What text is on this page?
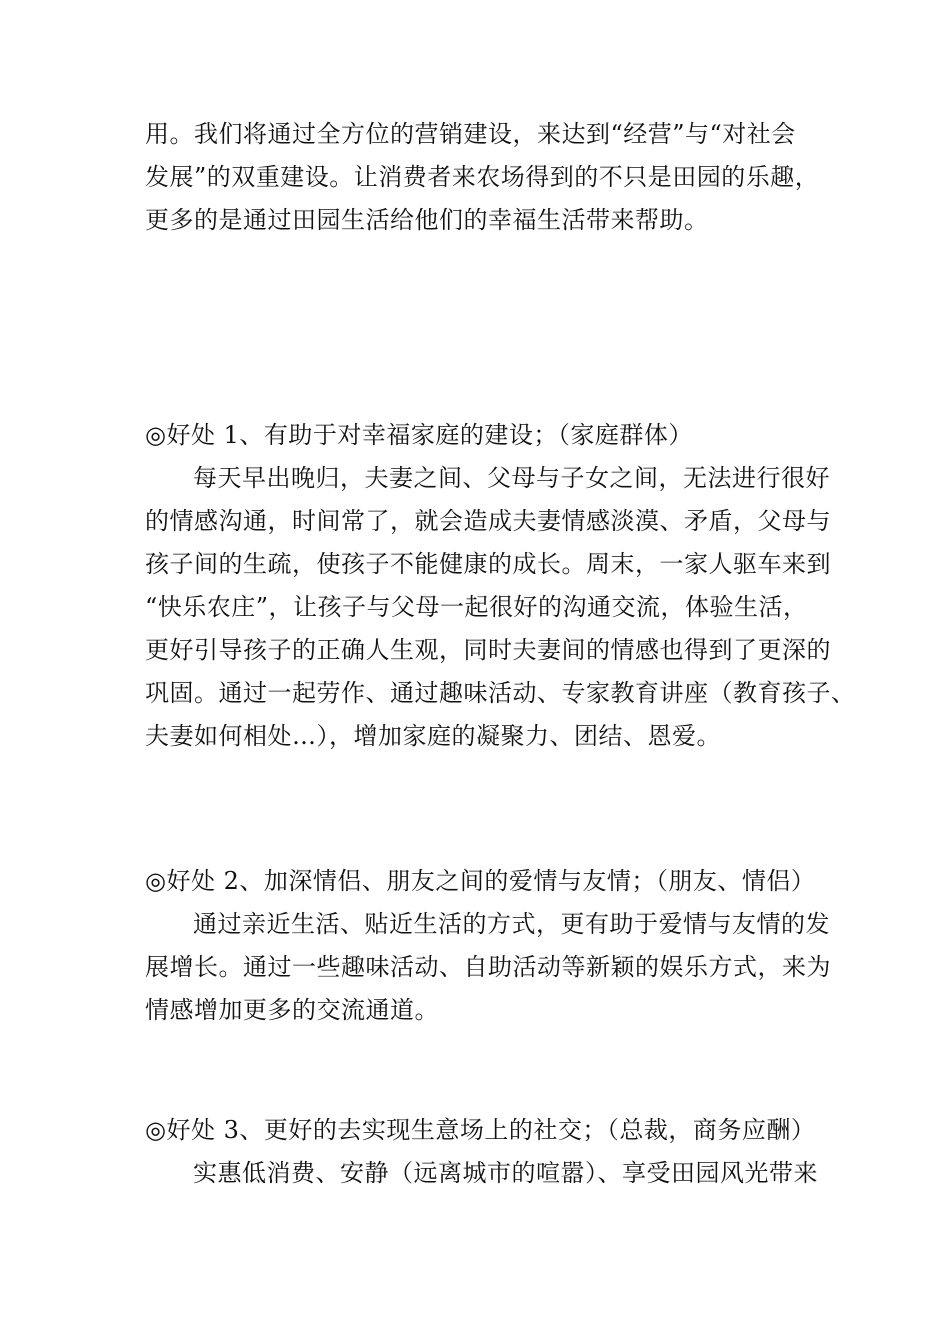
用。我们将通过全方位的营销建设，来达到“经营”与“对社会
发展”的双重建设。让消费者来农场得到的不只是田园的乐趣，
更多的是通过田园生活给他们的幸福生活带来帮助。
◎好处 1、有助于对幸福家庭的建设；（家庭群体）
每天早出晚归，夫妻之间、父母与子女之间，无法进行很好
的情感沟通，时间常了，就会造成夫妻情感淡漠、矛盾，父母与
孩子间的生疏，使孩子不能健康的成长。周末，一家人驱车来到
“快乐农庄”，让孩子与父母一起很好的沟通交流，体验生活，
更好引导孩子的正确人生观，同时夫妻间的情感也得到了更深的
巩固。通过一起劳作、通过趣味活动、专家教育讲座（教育孩子、
夫妻如何相处…），增加家庭的凝聚力、团结、恩爱。
◎好处 2、加深情侣、朋友之间的爱情与友情；（朋友、情侣）
通过亲近生活、贴近生活的方式，更有助于爱情与友情的发
展增长。通过一些趣味活动、自助活动等新颖的娱乐方式，来为
情感增加更多的交流通道。
◎好处 3、更好的去实现生意场上的社交；（总裁，商务应酬）
实惠低消费、安静（远离城市的喧嚣）、享受田园风光带来
